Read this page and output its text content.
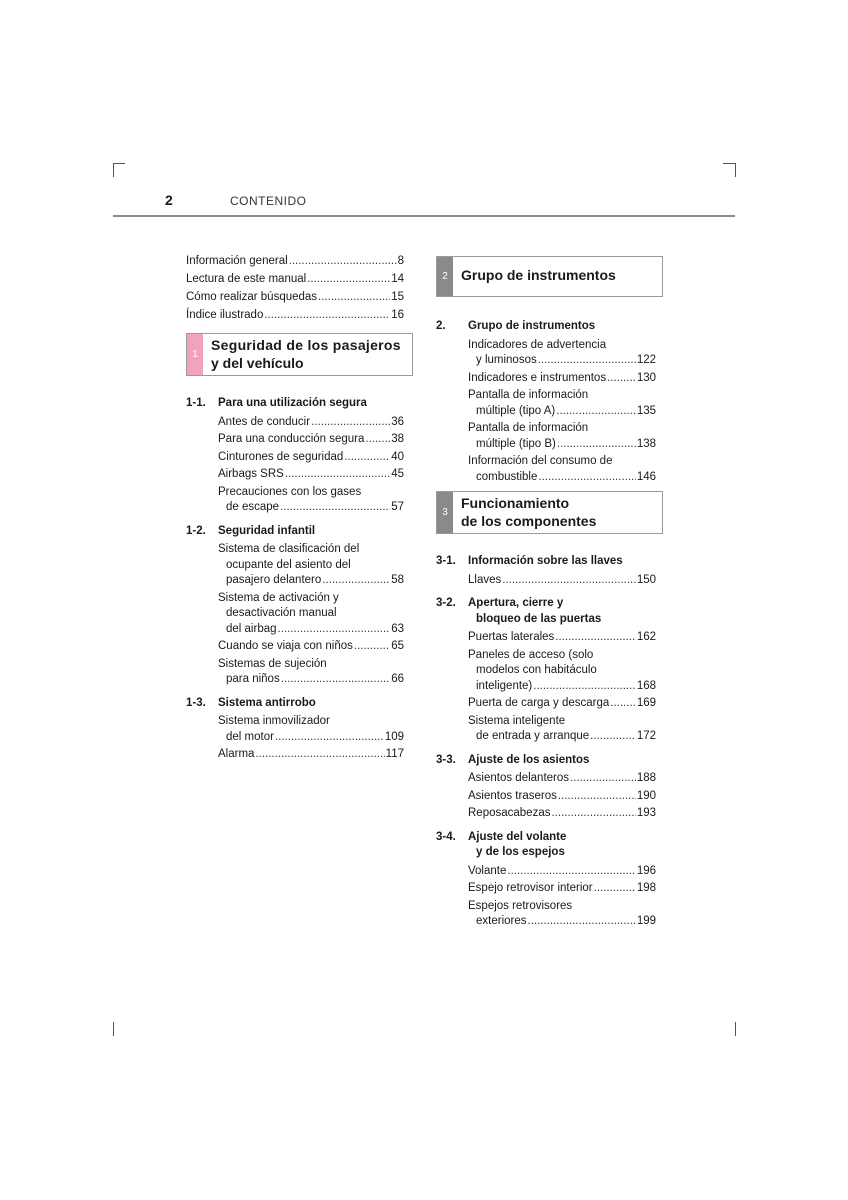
2	CONTENIDO
Información general .....	8
Lectura de este manual .....	14
Cómo realizar búsquedas .....	15
Índice ilustrado .....	16
1
Seguridad de los pasajeros
y del vehículo
1-1.	Para una utilización segura
Antes de conducir .....	36
Para una conducción segura ..... 38
Cinturones de seguridad .....	40
Airbags SRS .....	45
Precauciones con los gases
de escape .....	57
1-2.	Seguridad infantil
Sistema de clasificación del
ocupante del asiento del
pasajero delantero .....	58
Sistema de activación y
desactivación manual
del airbag .....	63
Cuando se viaja con niños .....	65
Sistemas de sujeción
para niños .....	66
1-3.	Sistema antirrobo
Sistema inmovilizador
del motor .....	109
Alarma .....	117
2 Grupo de instrumentos
2.	Grupo de instrumentos
Indicadores de advertencia
y luminosos .....	122
Indicadores e instrumentos .....	130
Pantalla de información
múltiple (tipo A) .....	135
Pantalla de información
múltiple (tipo B) .....	138
Información del consumo de
combustible .....	146
3
Funcionamiento
de los componentes
3-1.	Información sobre las llaves
Llaves .....	150
3-2.	Apertura, cierre y
bloqueo de las puertas
Puertas laterales .....	162
Paneles de acceso (solo
modelos con habitáculo
inteligente) .....	168
Puerta de carga y descarga ..... 169
Sistema inteligente
de entrada y arranque .....	172
3-3.	Ajuste de los asientos
Asientos delanteros .....	188
Asientos traseros .....	190
Reposacabezas .....	193
3-4.	Ajuste del volante
y de los espejos
Volante .....	196
Espejo retrovisor interior .....	198
Espejos retrovisores
exteriores .....	199
